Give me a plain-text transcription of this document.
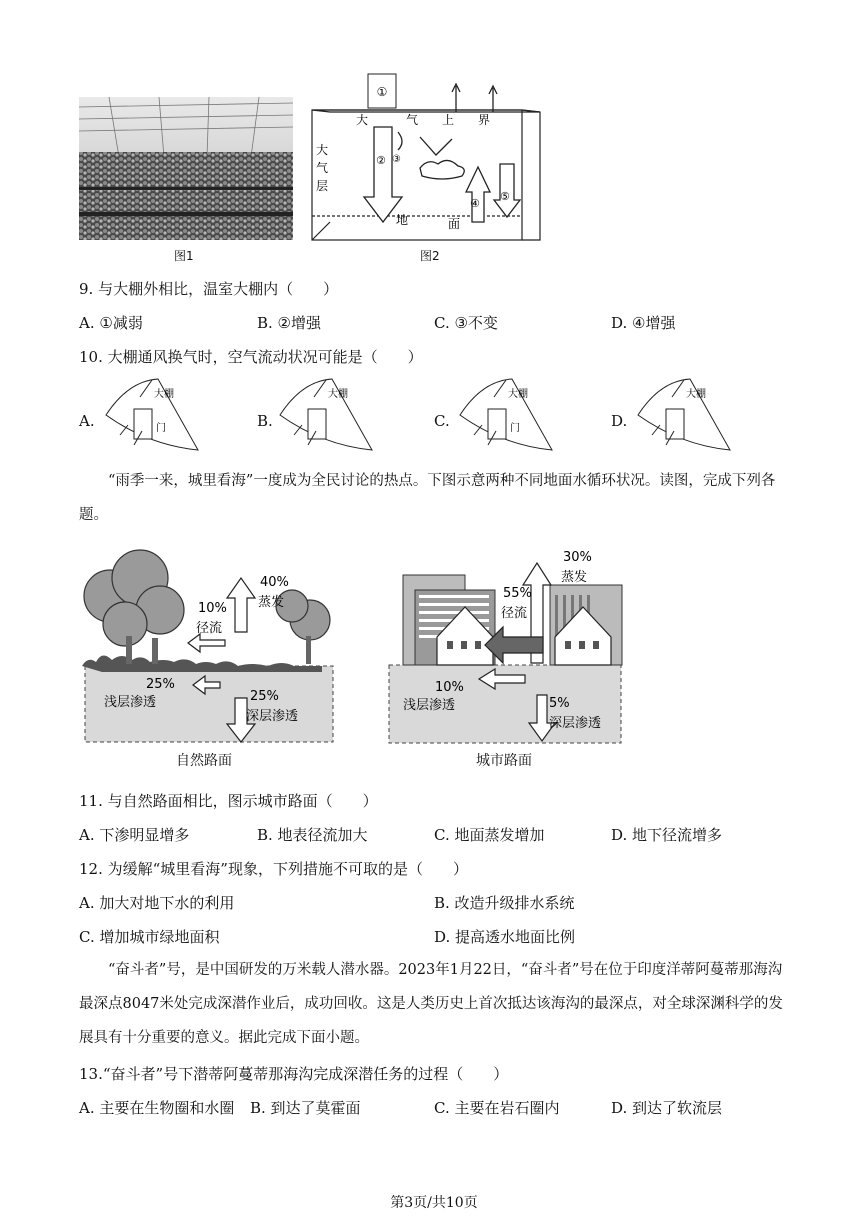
图1
①
大	气 上 界
大
气
层
地	面
② ③
④
⑤
图2
9. 与大棚外相比，温室大棚内（　　）
A. ①减弱	B. ②增强	C. ③不变	D. ④增强
10. 大棚通风换气时，空气流动状况可能是（　　）
A.
大棚
门	B.
大棚
C.
大棚
门	D.
大棚
“雨季一来，城里看海”一度成为全民讨论的热点。下图示意两种不同地面水循环状况。读图，完成下列各题。
40%
蒸发
10%
径流
25%
浅层渗透	25%
深层渗透
自然路面
30%
蒸发
55%
径流
10%
浅层渗透	5%
深层渗透
城市路面
11. 与自然路面相比，图示城市路面（　　）
A. 下渗明显增多	B. 地表径流加大	C. 地面蒸发增加	D. 地下径流增多
12. 为缓解“城里看海”现象，下列措施不可取的是（　　）
A. 加大对地下水的利用	B. 改造升级排水系统
C. 增加城市绿地面积	D. 提高透水地面比例
“奋斗者”号，是中国研发的万米载人潜水器。2023年1月22日，“奋斗者”号在位于印度洋蒂阿蔓蒂那海沟最深点8047米处完成深潜作业后，成功回收。这是人类历史上首次抵达该海沟的最深点，对全球深渊科学的发展具有十分重要的意义。据此完成下面小题。
13.“奋斗者”号下潜蒂阿蔓蒂那海沟完成深潜任务的过程（　　）
A. 主要在生物圈和水圈 B. 到达了莫霍面	C. 主要在岩石圈内	D. 到达了软流层
第3页/共10页
